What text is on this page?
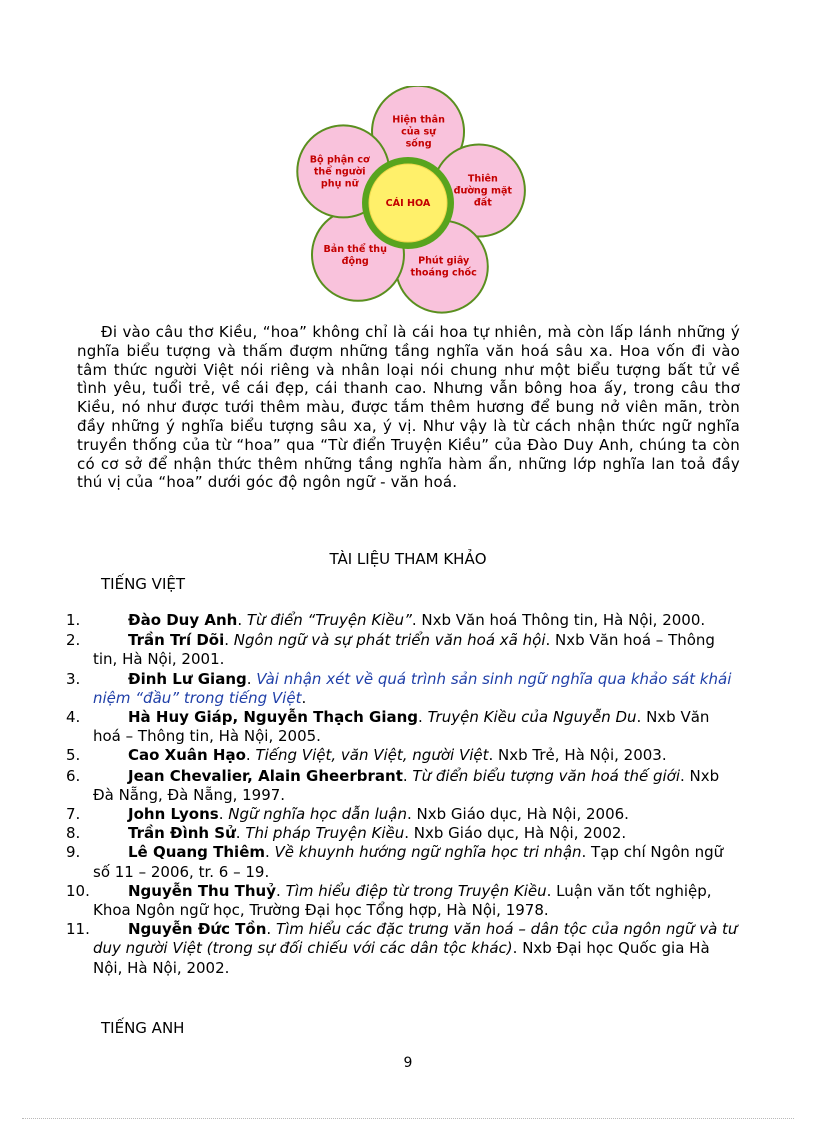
Hiện thân
của sự
sống
Thiên
đường mặt
đất
Phút giây
thoáng chốc
Bản thể thụ
động
Bộ phận cơ
thể người
phụ nữ
CÁI HOA

Đi vào câu thơ Kiều, “hoa” không chỉ là cái hoa tự nhiên, mà còn lấp lánh những ý nghĩa biểu tượng và thấm đượm những tầng nghĩa văn hoá sâu xa. Hoa vốn đi vào tâm thức người Việt nói riêng và nhân loại nói chung như một biểu tượng bất tử về tình yêu, tuổi trẻ, về cái đẹp, cái thanh cao. Nhưng vẫn bông hoa ấy, trong câu thơ Kiều, nó như được tưới thêm màu, được tắm thêm hương để bung nở viên mãn, tròn đầy những ý nghĩa biểu tượng sâu xa, ý vị. Như vậy là từ cách nhận thức ngữ nghĩa truyền thống của từ “hoa” qua “Từ điển Truyện Kiều” của Đào Duy Anh, chúng ta còn có cơ sở để nhận thức thêm những tầng nghĩa hàm ẩn, những lớp nghĩa lan toả đầy thú vị của “hoa” dưới góc độ ngôn ngữ - văn hoá.

TÀI LIỆU THAM KHẢO
TIẾNG VIỆT
1.	Đào Duy Anh. Từ điển “Truyện Kiều”. Nxb Văn hoá Thông tin, Hà Nội, 2000.
2.	Trần Trí Dõi. Ngôn ngữ và sự phát triển văn hoá xã hội. Nxb Văn hoá – Thông tin, Hà Nội, 2001.
3.	Đinh Lư Giang. Vài nhận xét về quá trình sản sinh ngữ nghĩa qua khảo sát khái niệm “đầu” trong tiếng Việt.
4.	Hà Huy Giáp, Nguyễn Thạch Giang. Truyện Kiều của Nguyễn Du. Nxb Văn hoá – Thông tin, Hà Nội, 2005.
5.	Cao Xuân Hạo. Tiếng Việt, văn Việt, người Việt. Nxb Trẻ, Hà Nội, 2003.
6.	Jean Chevalier, Alain Gheerbrant. Từ điển biểu tượng văn hoá thế giới. Nxb Đà Nẵng, Đà Nẵng, 1997.
7.	John Lyons. Ngữ nghĩa học dẫn luận. Nxb Giáo dục, Hà Nội, 2006.
8.	Trần Đình Sử. Thi pháp Truyện Kiều. Nxb Giáo dục, Hà Nội, 2002.
9.	Lê Quang Thiêm. Về khuynh hướng ngữ nghĩa học tri nhận. Tạp chí Ngôn ngữ số 11 – 2006, tr. 6 – 19.
10.	Nguyễn Thu Thuỷ. Tìm hiểu điệp từ trong Truyện Kiều. Luận văn tốt nghiệp, Khoa Ngôn ngữ học, Trường Đại học Tổng hợp, Hà Nội, 1978.
11.	Nguyễn Đức Tồn. Tìm hiểu các đặc trưng văn hoá – dân tộc của ngôn ngữ và tư duy người Việt (trong sự đối chiếu với các dân tộc khác). Nxb Đại học Quốc gia Hà Nội, Hà Nội, 2002.
TIẾNG ANH
9
